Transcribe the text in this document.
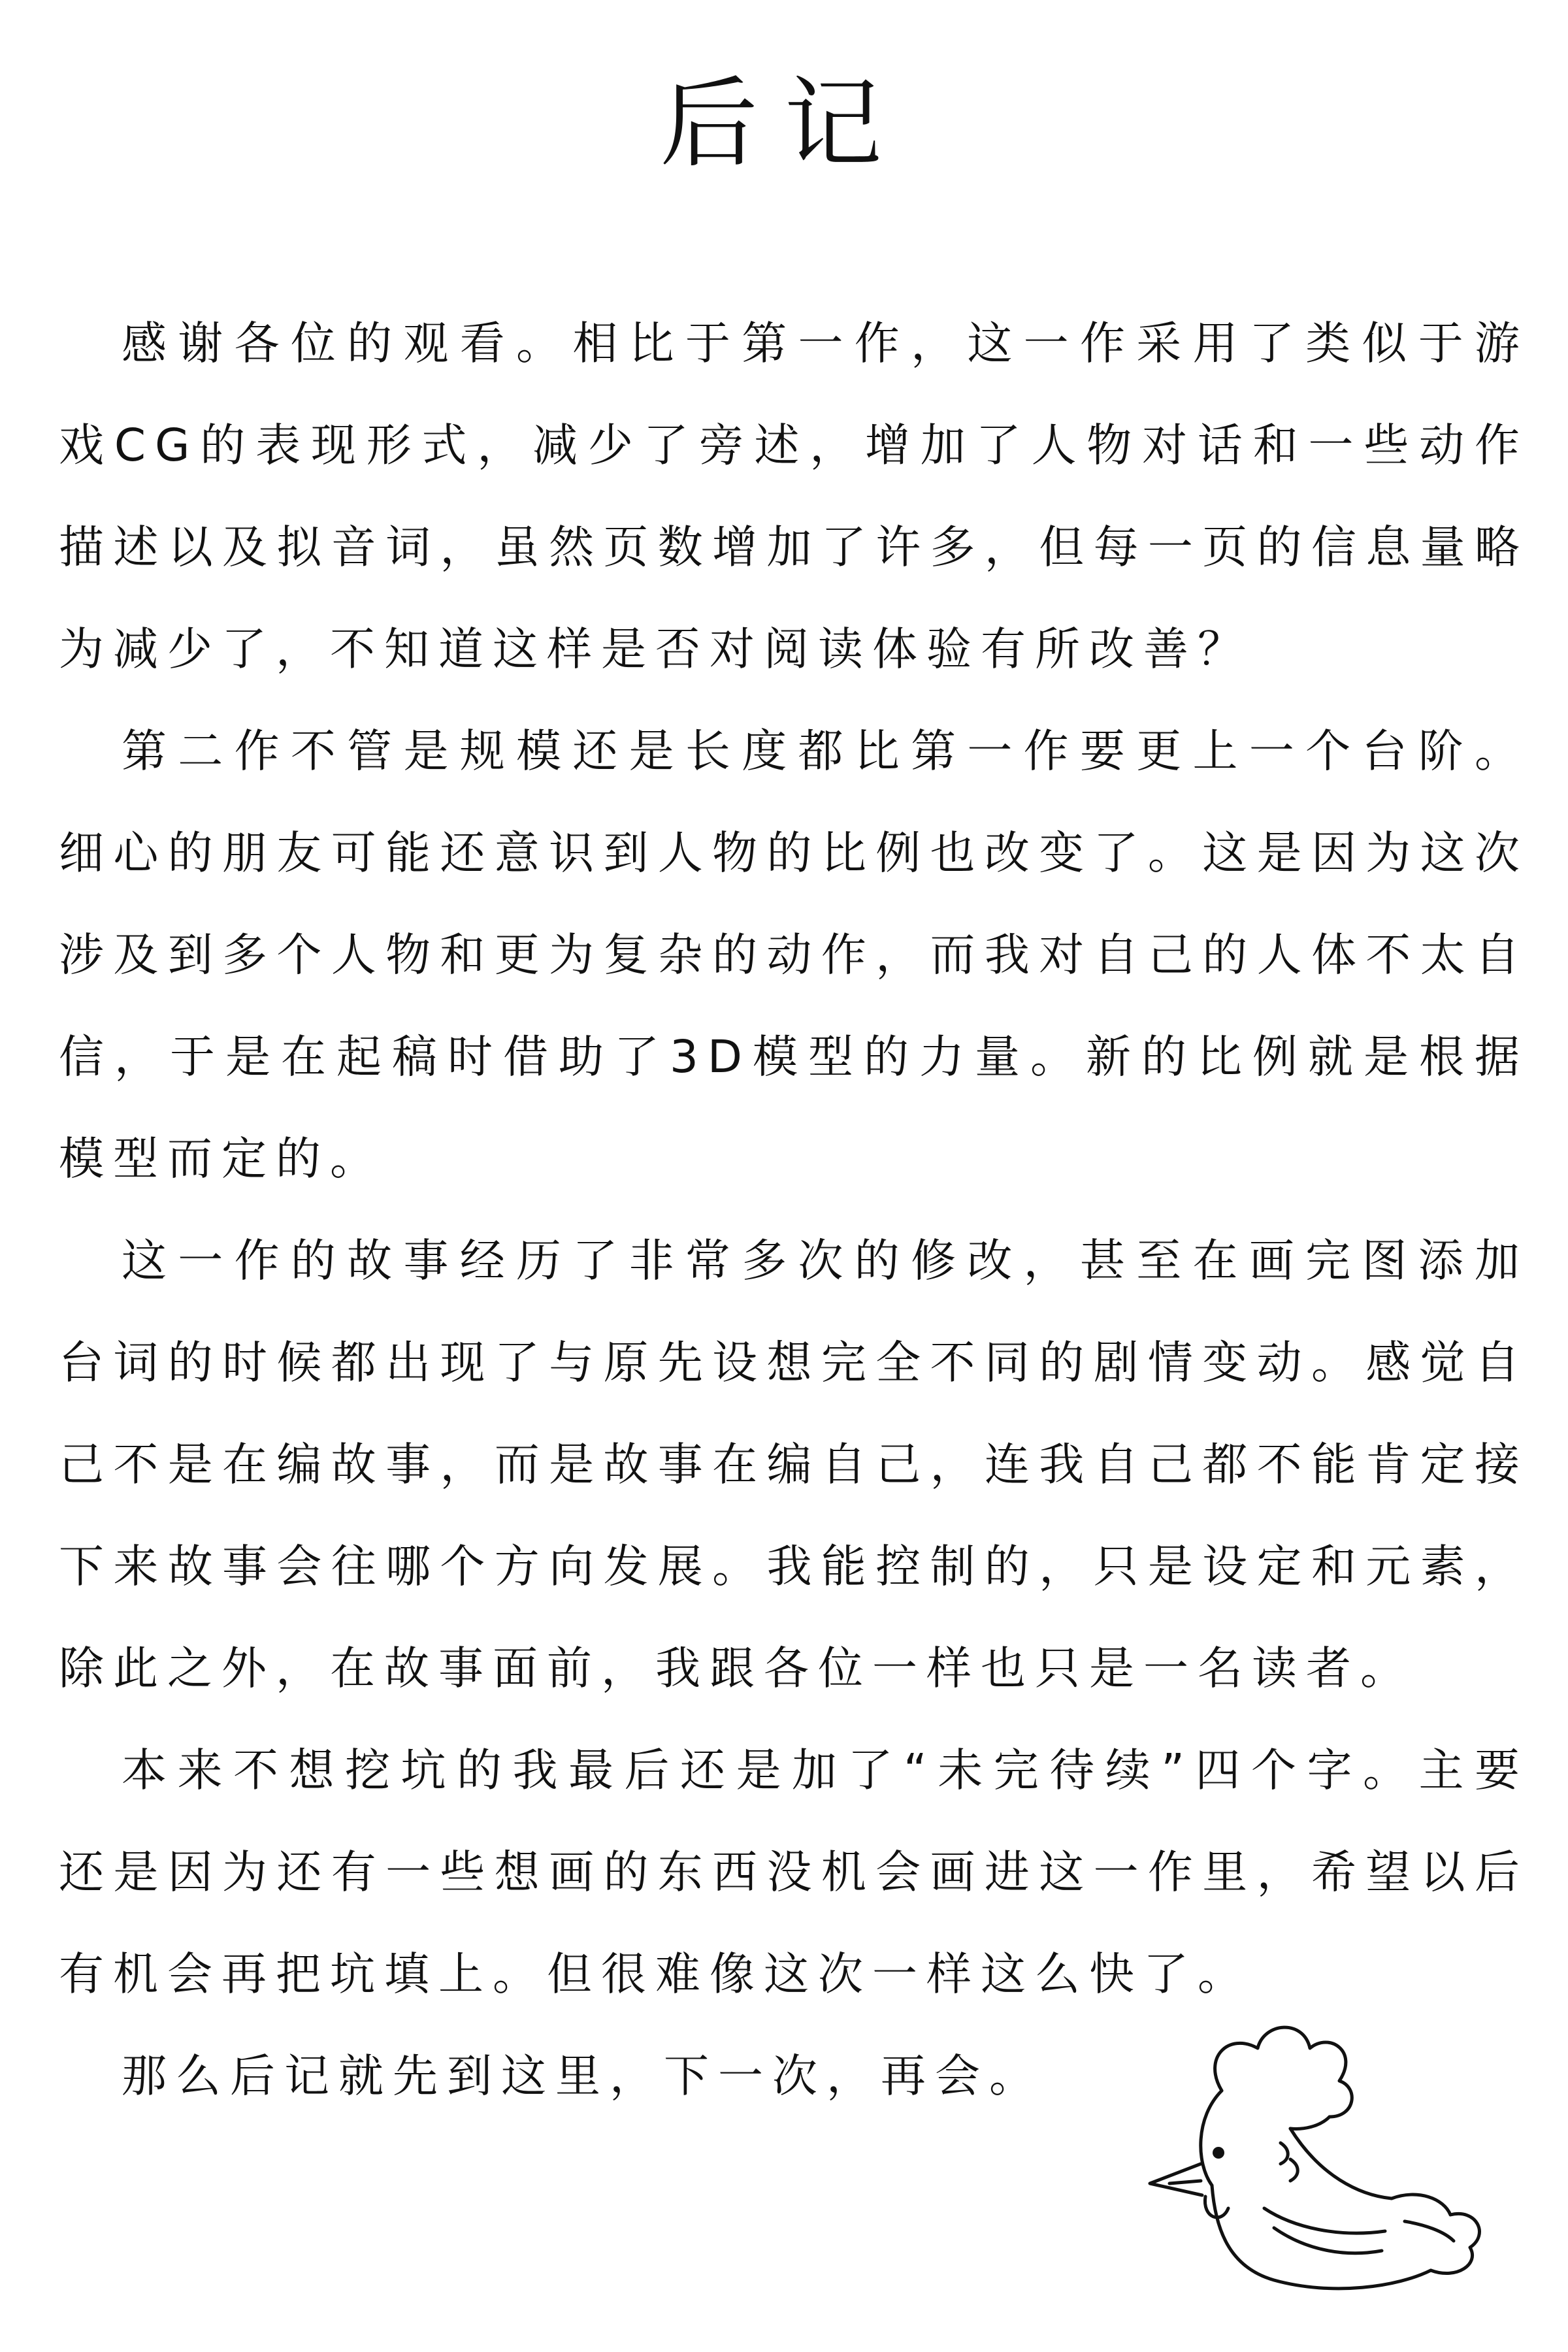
后记

感谢各位的观看。相比于第一作，这一作采用了类似于游戏CG的表现形式，减少了旁述，增加了人物对话和一些动作描述以及拟音词，虽然页数增加了许多，但每一页的信息量略为减少了，不知道这样是否对阅读体验有所改善？

第二作不管是规模还是长度都比第一作要更上一个台阶。细心的朋友可能还意识到人物的比例也改变了。这是因为这次涉及到多个人物和更为复杂的动作，而我对自己的人体不太自信，于是在起稿时借助了3D模型的力量。新的比例就是根据模型而定的。

这一作的故事经历了非常多次的修改，甚至在画完图添加台词的时候都出现了与原先设想完全不同的剧情变动。感觉自己不是在编故事，而是故事在编自己，连我自己都不能肯定接下来故事会往哪个方向发展。我能控制的，只是设定和元素，除此之外，在故事面前，我跟各位一样也只是一名读者。

本来不想挖坑的我最后还是加了“未完待续”四个字。主要还是因为还有一些想画的东西没机会画进这一作里，希望以后有机会再把坑填上。但很难像这次一样这么快了。

那么后记就先到这里，下一次，再会。
